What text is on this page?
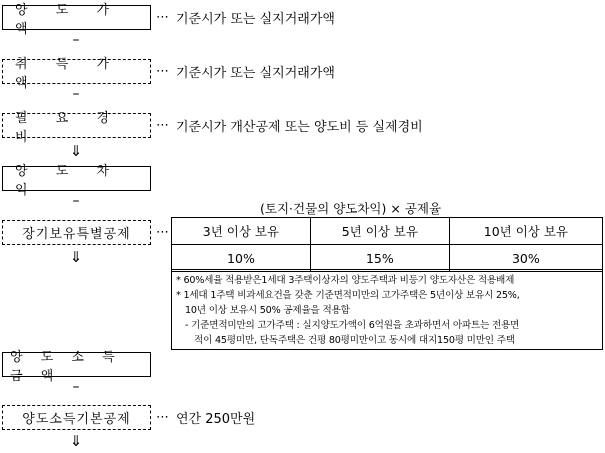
양 도 가 액
⋯ 기준시가 또는 실지거래가액
–
취 득 가 액
⋯ 기준시가 또는 실지거래가액
–
필 요 경 비
⋯ 기준시가 개산공제 또는 양도비 등 실제경비
⇓
양 도 차 익
–	(토지·건물의 양도차익) × 공제율
장기보유특별공제 ⋯
⇓
3년 이상 보유	5년 이상 보유	10년 이상 보유
10%	15%	30%
* 60%세율 적용받은1세대 3주택이상자의 양도주택과 비등기 양도자산은 적용배제
* 1세대 1주택 비과세요건을 갖춘 기준면적미만의 고가주택은 5년이상 보유시 25%,
10년 이상 보유시 50% 공제율을 적용함
- 기준면적미만의 고가주택 : 실지양도가액이 6억원을 초과하면서 아파트는 전용면
적이 45평미만, 단독주택은 건평 80평미만이고 동시에 대지150평 미만인 주택
양 도 소 득 금 액
–
양도소득기본공제 ⋯ 연간 250만원
⇓
